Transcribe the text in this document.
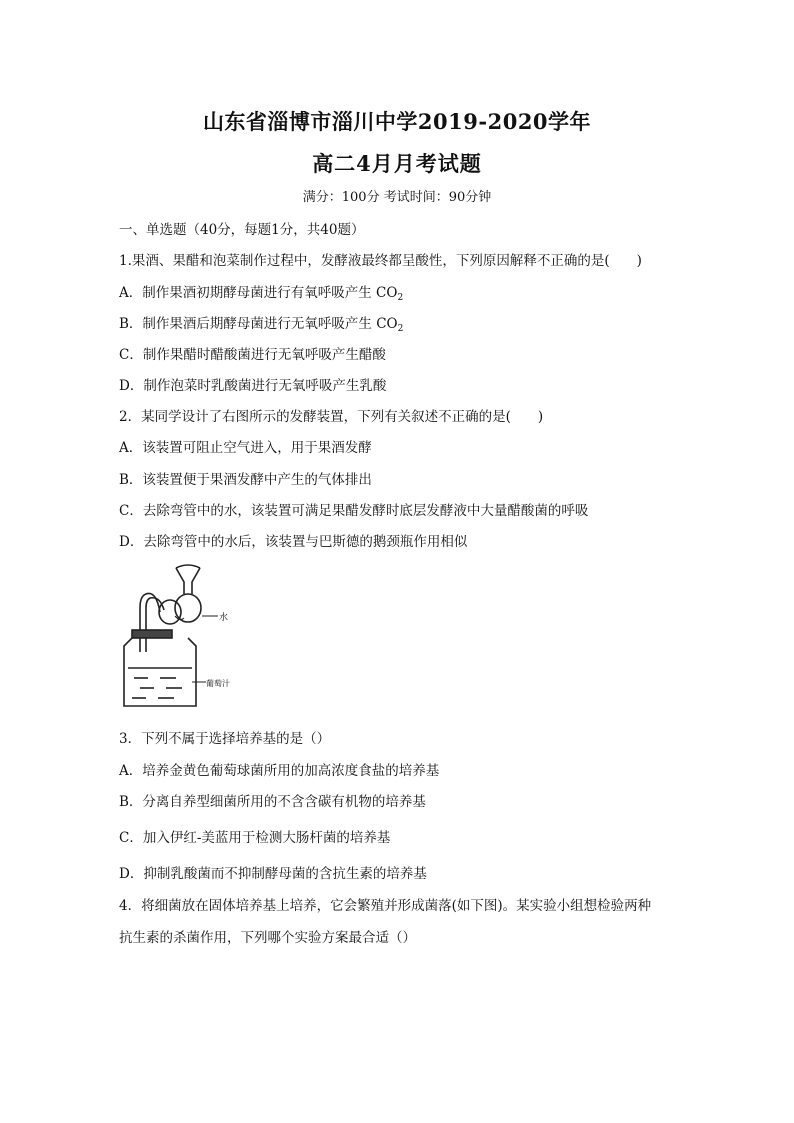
山东省淄博市淄川中学2019-2020学年
高二4月月考试题
满分：100分 考试时间：90分钟
一、单选题（40分，每题1分，共40题）
1.果酒、果醋和泡菜制作过程中，发酵液最终都呈酸性，下列原因解释不正确的是(　　)
A．制作果酒初期酵母菌进行有氧呼吸产生 $CO_2$
B．制作果酒后期酵母菌进行无氧呼吸产生 $CO_2$
C．制作果醋时醋酸菌进行无氧呼吸产生醋酸
D．制作泡菜时乳酸菌进行无氧呼吸产生乳酸
2．某同学设计了右图所示的发酵装置，下列有关叙述不正确的是(　　)
A．该装置可阻止空气进入，用于果酒发酵
B．该装置便于果酒发酵中产生的气体排出
C．去除弯管中的水，该装置可满足果醋发酵时底层发酵液中大量醋酸菌的呼吸
D．去除弯管中的水后，该装置与巴斯德的鹅颈瓶作用相似
水
葡萄汁
3．下列不属于选择培养基的是（）
A．培养金黄色葡萄球菌所用的加高浓度食盐的培养基
B．分离自养型细菌所用的不含含碳有机物的培养基
C．加入伊红-美蓝用于检测大肠杆菌的培养基
D．抑制乳酸菌而不抑制酵母菌的含抗生素的培养基
4．将细菌放在固体培养基上培养，它会繁殖并形成菌落(如下图)。某实验小组想检验两种
抗生素的杀菌作用，下列哪个实验方案最合适（）
